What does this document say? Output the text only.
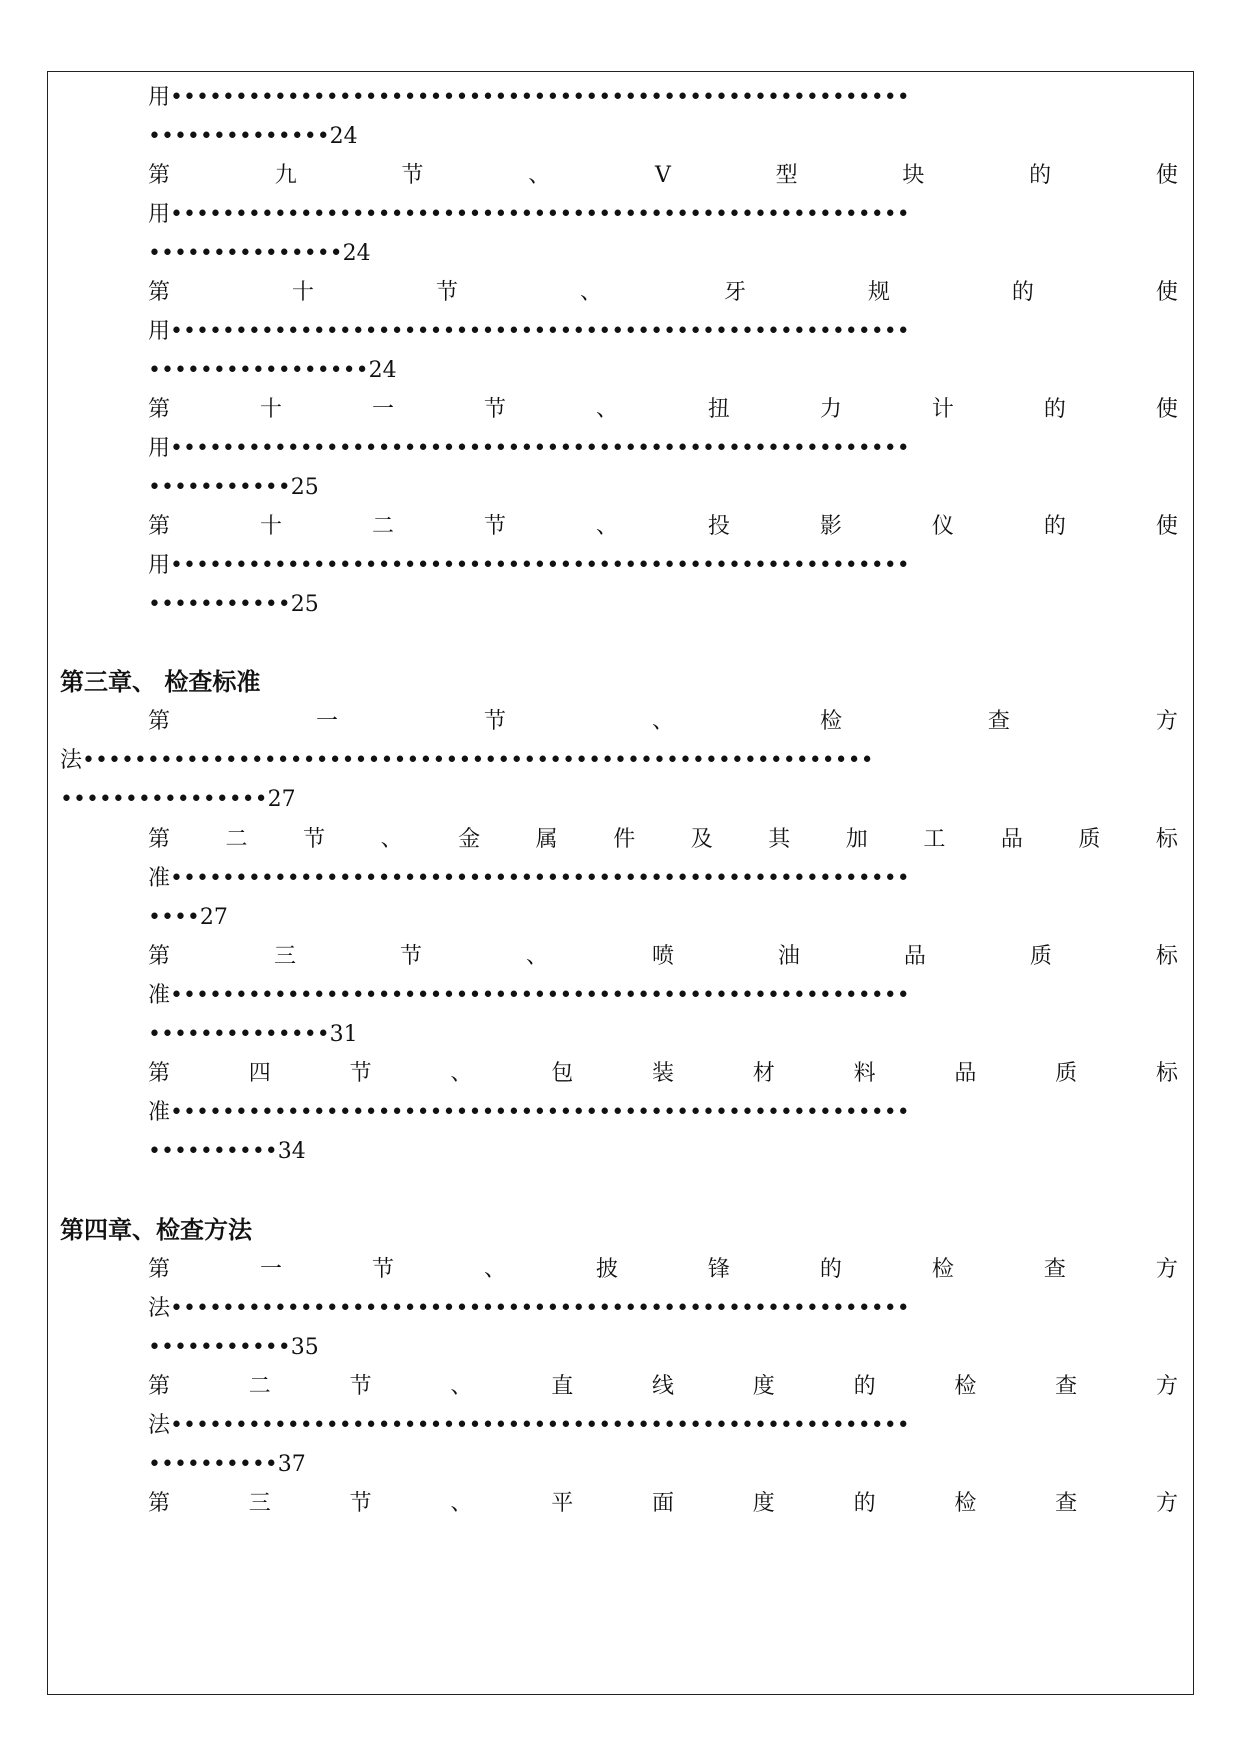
用•••••••••••••••••••••••••••••••••••••••••••••••••••••••••
••••••••••••••24
第	九	节	、	V	型	块	的	使
用•••••••••••••••••••••••••••••••••••••••••••••••••••••••••
•••••••••••••••24
第	十	节	、	牙	规	的	使
用•••••••••••••••••••••••••••••••••••••••••••••••••••••••••
•••••••••••••••••24
第	十	一	节	、	扭	力	计	的	使
用•••••••••••••••••••••••••••••••••••••••••••••••••••••••••
•••••••••••25
第	十	二	节	、	投	影	仪	的	使
用•••••••••••••••••••••••••••••••••••••••••••••••••••••••••
•••••••••••25
第三章、 检查标准
第	一	节	、	检	查	方
法•••••••••••••••••••••••••••••••••••••••••••••••••••••••••••••
••••••••••••••••27
第	二	节	、	金	属	件	及	其	加	工	品	质	标
准•••••••••••••••••••••••••••••••••••••••••••••••••••••••••
••••27
第	三	节	、	喷	油	品	质	标
准•••••••••••••••••••••••••••••••••••••••••••••••••••••••••
••••••••••••••31
第	四	节	、	包	装	材	料	品	质	标
准•••••••••••••••••••••••••••••••••••••••••••••••••••••••••
••••••••••34
第四章、检查方法
第	一	节	、	披	锋	的	检	查	方
法•••••••••••••••••••••••••••••••••••••••••••••••••••••••••
•••••••••••35
第	二	节	、	直	线	度	的	检	查	方
法•••••••••••••••••••••••••••••••••••••••••••••••••••••••••
••••••••••37
第	三	节	、	平	面	度	的	检	查	方
